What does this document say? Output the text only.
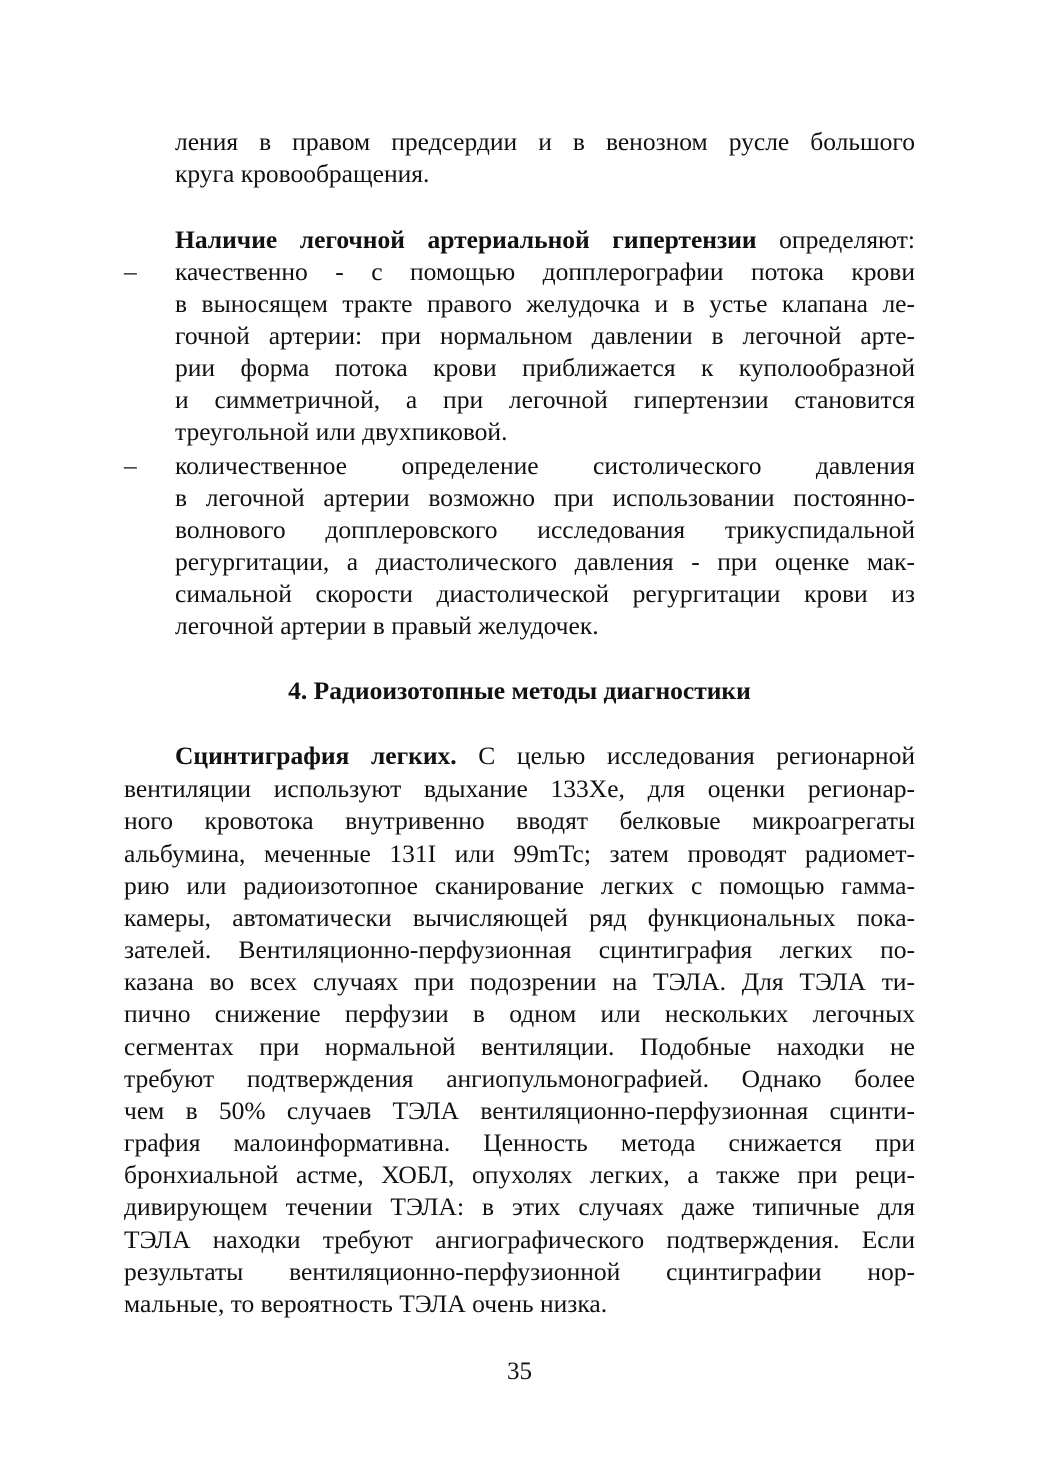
ления в правом предсердии и в венозном русле большого
круга кровообращения.
Наличие легочной артериальной гипертензии определяют:
– качественно - с помощью допплерографии потока крови
в выносящем тракте правого желудочка и в устье клапана ле-
гочной артерии: при нормальном давлении в легочной арте-
рии форма потока крови приближается к куполообразной
и симметричной, а при легочной гипертензии становится
треугольной или двухпиковой.
– количественное определение систолического давления
в легочной артерии возможно при использовании постоянно-
волнового допплеровского исследования трикуспидальной
регургитации, а диастолического давления - при оценке мак-
симальной скорости диастолической регургитации крови из
легочной артерии в правый желудочек.
4. Радиоизотопные методы диагностики
Сцинтиграфия легких. С целью исследования регионарной
вентиляции используют вдыхание 133Xe, для оценки регионар-
ного кровотока внутривенно вводят белковые микроагрегаты
альбумина, меченные 131I или 99mTc; затем проводят радиомет-
рию или радиоизотопное сканирование легких с помощью гамма-
камеры, автоматически вычисляющей ряд функциональных пока-
зателей. Вентиляционно-перфузионная сцинтиграфия легких по-
казана во всех случаях при подозрении на ТЭЛА. Для ТЭЛА ти-
пично снижение перфузии в одном или нескольких легочных
сегментах при нормальной вентиляции. Подобные находки не
требуют подтверждения ангиопульмонографией. Однако более
чем в 50% случаев ТЭЛА вентиляционно-перфузионная сцинти-
графия малоинформативна. Ценность метода снижается при
бронхиальной астме, ХОБЛ, опухолях легких, а также при реци-
дивирующем течении ТЭЛА: в этих случаях даже типичные для
ТЭЛА находки требуют ангиографического подтверждения. Если
результаты вентиляционно-перфузионной сцинтиграфии нор-
мальные, то вероятность ТЭЛА очень низка.
35
